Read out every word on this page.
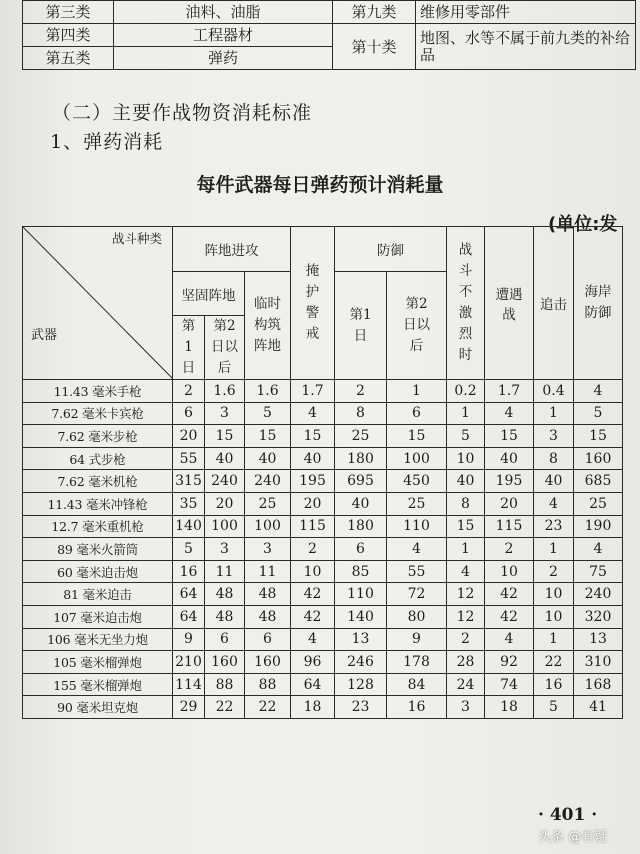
第三类	油料、油脂	第九类	维修用零部件
第四类	工程器材	第十类	地图、水等不属于前九类的补给品
第五类	弹药		
（二）主要作战物资消耗标准
1、弹药消耗
每件武器每日弹药预计消耗量
(单位:发
战斗种类
武器	阵地进攻			掩护警戒	防御		战斗不激烈时	遭遇战	追击	海岸防御
	坚固阵地		临时构筑阵地		第1日	第2日以后				
	第1日	第2日以后								
11.43 毫米手枪	2	1.6	1.6	1.7	2	1	0.2	1.7	0.4	4
7.62 毫米卡宾枪	6	3	5	4	8	6	1	4	1	5
7.62 毫米步枪	20	15	15	15	25	15	5	15	3	15
64 式步枪	55	40	40	40	180	100	10	40	8	160
7.62 毫米机枪	315	240	240	195	695	450	40	195	40	685
11.43 毫米冲锋枪	35	20	25	20	40	25	8	20	4	25
12.7 毫米重机枪	140	100	100	115	180	110	15	115	23	190
89 毫米火箭筒	5	3	3	2	6	4	1	2	1	4
60 毫米迫击炮	16	11	11	10	85	55	4	10	2	75
81 毫米迫击	64	48	48	42	110	72	12	42	10	240
107 毫米迫击炮	64	48	48	42	140	80	12	42	10	320
106 毫米无坐力炮	9	6	6	4	13	9	2	4	1	13
105 毫米榴弹炮	210	160	160	96	246	178	28	92	22	310
155 毫米榴弹炮	114	88	88	64	128	84	24	74	16	168
90 毫米坦克炮	29	22	22	18	23	16	3	18	5	41
· 401 ·
头条 @有疑
